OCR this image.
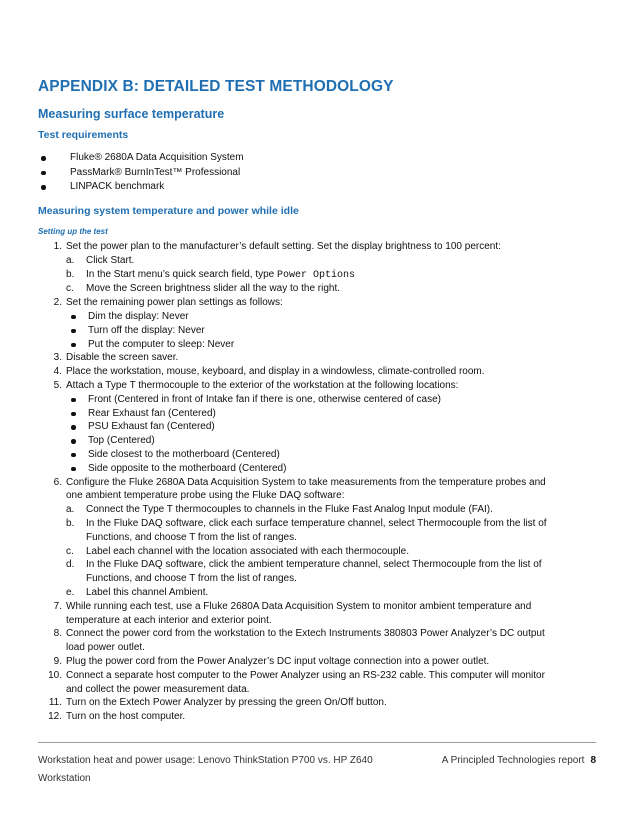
APPENDIX B: DETAILED TEST METHODOLOGY
Measuring surface temperature
Test requirements
Fluke® 2680A Data Acquisition System
PassMark® BurnInTest™ Professional
LINPACK benchmark
Measuring system temperature and power while idle
Setting up the test
1. Set the power plan to the manufacturer’s default setting. Set the display brightness to 100 percent:
a.	Click Start.
b.	In the Start menu’s quick search field, type Power Options
c.	Move the Screen brightness slider all the way to the right.
2. Set the remaining power plan settings as follows:
Dim the display: Never
Turn off the display: Never
Put the computer to sleep: Never
3. Disable the screen saver.
4. Place the workstation, mouse, keyboard, and display in a windowless, climate-controlled room.
5. Attach a Type T thermocouple to the exterior of the workstation at the following locations:
Front (Centered in front of Intake fan if there is one, otherwise centered of case)
Rear Exhaust fan (Centered)
PSU Exhaust fan (Centered)
Top (Centered)
Side closest to the motherboard (Centered)
Side opposite to the motherboard (Centered)
6. Configure the Fluke 2680A Data Acquisition System to take measurements from the temperature probes and
one ambient temperature probe using the Fluke DAQ software:
a.	Connect the Type T thermocouples to channels in the Fluke Fast Analog Input module (FAI).
b.	In the Fluke DAQ software, click each surface temperature channel, select Thermocouple from the list of
Functions, and choose T from the list of ranges.
c.	Label each channel with the location associated with each thermocouple.
d.	In the Fluke DAQ software, click the ambient temperature channel, select Thermocouple from the list of
Functions, and choose T from the list of ranges.
e.	Label this channel Ambient.
7. While running each test, use a Fluke 2680A Data Acquisition System to monitor ambient temperature and
temperature at each interior and exterior point.
8. Connect the power cord from the workstation to the Extech Instruments 380803 Power Analyzer’s DC output
load power outlet.
9. Plug the power cord from the Power Analyzer’s DC input voltage connection into a power outlet.
10. Connect a separate host computer to the Power Analyzer using an RS-232 cable. This computer will monitor
and collect the power measurement data.
11. Turn on the Extech Power Analyzer by pressing the green On/Off button.
12. Turn on the host computer.
Workstation heat and power usage: Lenovo ThinkStation P700 vs. HP Z640 Workstation
A Principled Technologies report 8
